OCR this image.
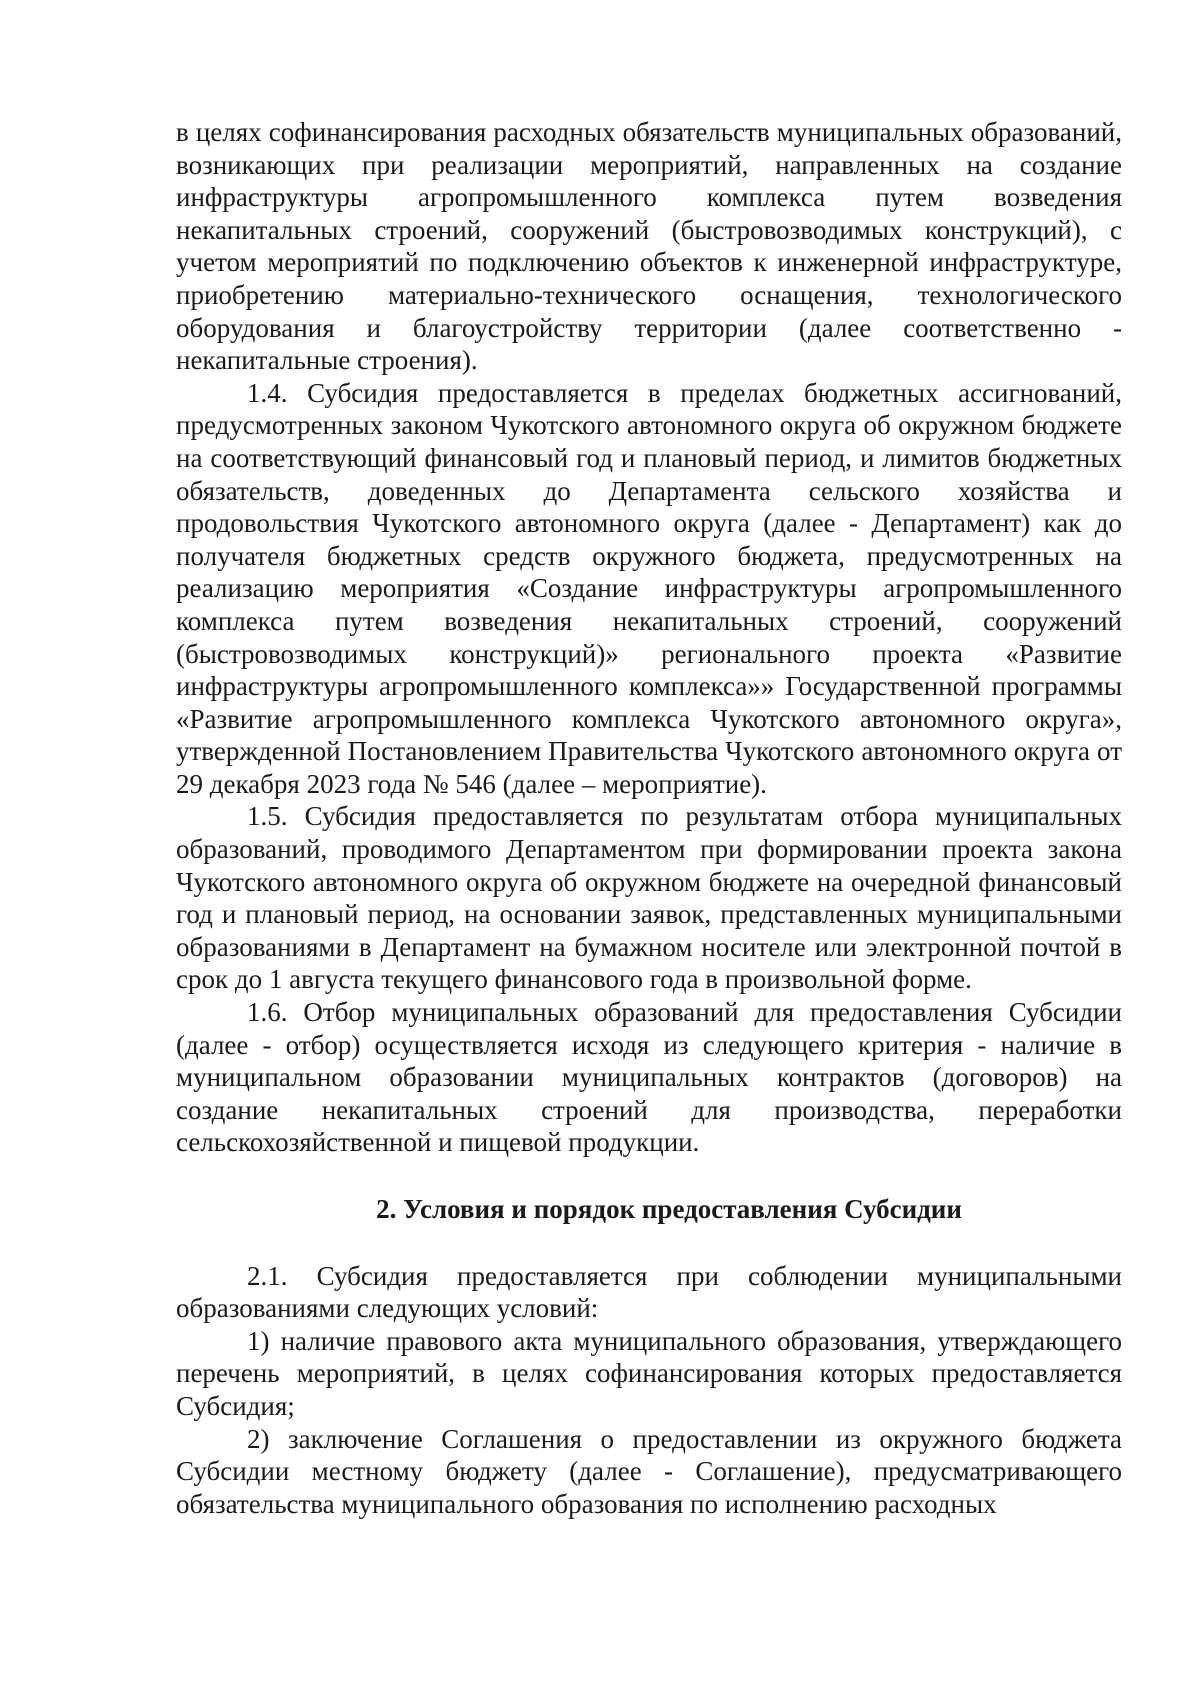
в целях софинансирования расходных обязательств муниципальных образований, возникающих при реализации мероприятий, направленных на создание инфраструктуры агропромышленного комплекса путем возведения некапитальных строений, сооружений (быстровозводимых конструкций), с учетом мероприятий по подключению объектов к инженерной инфраструктуре, приобретению материально-технического оснащения, технологического оборудования и благоустройству территории (далее соответственно - некапитальные строения).

1.4. Субсидия предоставляется в пределах бюджетных ассигнований, предусмотренных законом Чукотского автономного округа об окружном бюджете на соответствующий финансовый год и плановый период, и лимитов бюджетных обязательств, доведенных до Департамента сельского хозяйства и продовольствия Чукотского автономного округа (далее - Департамент) как до получателя бюджетных средств окружного бюджета, предусмотренных на реализацию мероприятия «Создание инфраструктуры агропромышленного комплекса путем возведения некапитальных строений, сооружений (быстровозводимых конструкций)» регионального проекта «Развитие инфраструктуры агропромышленного комплекса»» Государственной программы «Развитие агропромышленного комплекса Чукотского автономного округа», утвержденной Постановлением Правительства Чукотского автономного округа от 29 декабря 2023 года № 546 (далее – мероприятие).

1.5. Субсидия предоставляется по результатам отбора муниципальных образований, проводимого Департаментом при формировании проекта закона Чукотского автономного округа об окружном бюджете на очередной финансовый год и плановый период, на основании заявок, представленных муниципальными образованиями в Департамент на бумажном носителе или электронной почтой в срок до 1 августа текущего финансового года в произвольной форме.

1.6. Отбор муниципальных образований для предоставления Субсидии (далее - отбор) осуществляется исходя из следующего критерия - наличие в муниципальном образовании муниципальных контрактов (договоров) на создание некапитальных строений для производства, переработки сельскохозяйственной и пищевой продукции.

2. Условия и порядок предоставления Субсидии

2.1. Субсидия предоставляется при соблюдении муниципальными образованиями следующих условий:

1) наличие правового акта муниципального образования, утверждающего перечень мероприятий, в целях софинансирования которых предоставляется Субсидия;

2) заключение Соглашения о предоставлении из окружного бюджета Субсидии местному бюджету (далее - Соглашение), предусматривающего обязательства муниципального образования по исполнению расходных
